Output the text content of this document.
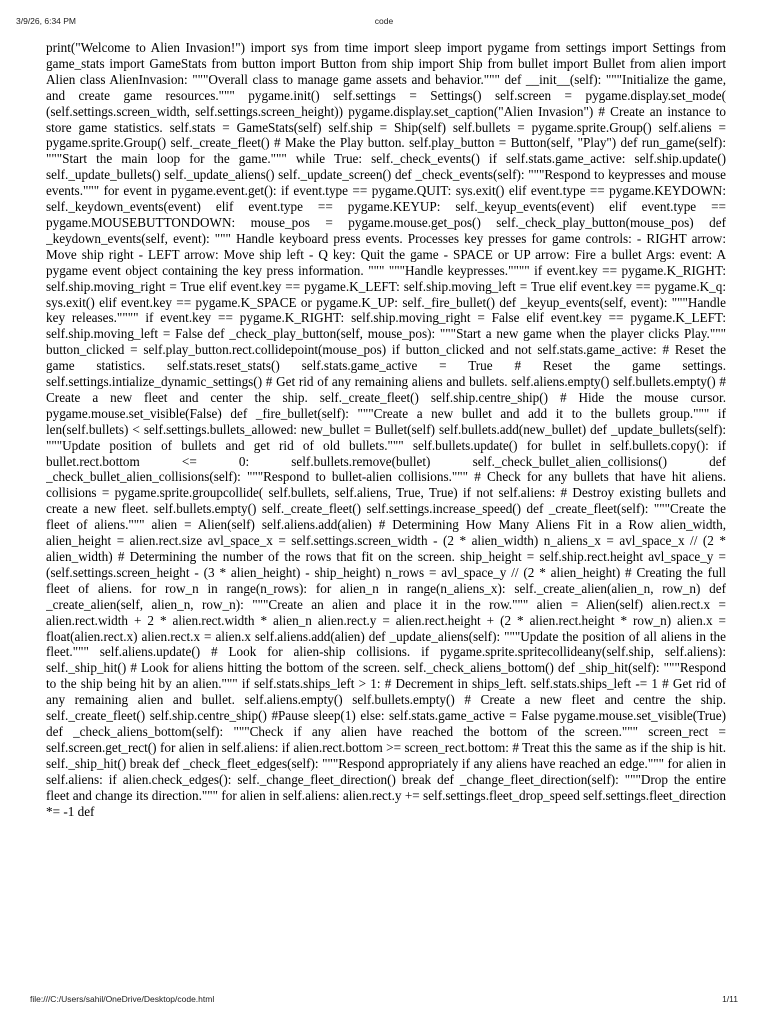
3/9/26, 6:34 PM	code
print("Welcome to Alien Invasion!") import sys from time import sleep import pygame from settings import Settings from game_stats import GameStats from button import Button from ship import Ship from bullet import Bullet from alien import Alien class AlienInvasion: """Overall class to manage game assets and behavior.""" def __init__(self): """Initialize the game, and create game resources.""" pygame.init() self.settings = Settings() self.screen = pygame.display.set_mode( (self.settings.screen_width, self.settings.screen_height)) pygame.display.set_caption("Alien Invasion") # Create an instance to store game statistics. self.stats = GameStats(self) self.ship = Ship(self) self.bullets = pygame.sprite.Group() self.aliens = pygame.sprite.Group() self._create_fleet() # Make the Play button. self.play_button = Button(self, "Play") def run_game(self): """Start the main loop for the game.""" while True: self._check_events() if self.stats.game_active: self.ship.update() self._update_bullets() self._update_aliens() self._update_screen() def _check_events(self): """Respond to keypresses and mouse events.""" for event in pygame.event.get(): if event.type == pygame.QUIT: sys.exit() elif event.type == pygame.KEYDOWN: self._keydown_events(event) elif event.type == pygame.KEYUP: self._keyup_events(event) elif event.type == pygame.MOUSEBUTTONDOWN: mouse_pos = pygame.mouse.get_pos() self._check_play_button(mouse_pos) def _keydown_events(self, event): """ Handle keyboard press events. Processes key presses for game controls: - RIGHT arrow: Move ship right - LEFT arrow: Move ship left - Q key: Quit the game - SPACE or UP arrow: Fire a bullet Args: event: A pygame event object containing the key press information. """ """Handle keypresses."""" if event.key == pygame.K_RIGHT: self.ship.moving_right = True elif event.key == pygame.K_LEFT: self.ship.moving_left = True elif event.key == pygame.K_q: sys.exit() elif event.key == pygame.K_SPACE or pygame.K_UP: self._fire_bullet() def _keyup_events(self, event): """Handle key releases."""" if event.key == pygame.K_RIGHT: self.ship.moving_right = False elif event.key == pygame.K_LEFT: self.ship.moving_left = False def _check_play_button(self, mouse_pos): """Start a new game when the player clicks Play.""" button_clicked = self.play_button.rect.collidepoint(mouse_pos) if button_clicked and not self.stats.game_active: # Reset the game statistics. self.stats.reset_stats() self.stats.game_active = True # Reset the game settings. self.settings.intialize_dynamic_settings() # Get rid of any remaining aliens and bullets. self.aliens.empty() self.bullets.empty() # Create a new fleet and center the ship. self._create_fleet() self.ship.centre_ship() # Hide the mouse cursor. pygame.mouse.set_visible(False) def _fire_bullet(self): """Create a new bullet and add it to the bullets group.""" if len(self.bullets) < self.settings.bullets_allowed: new_bullet = Bullet(self) self.bullets.add(new_bullet) def _update_bullets(self): """Update position of bullets and get rid of old bullets.""" self.bullets.update() for bullet in self.bullets.copy(): if bullet.rect.bottom <= 0: self.bullets.remove(bullet) self._check_bullet_alien_collisions() def _check_bullet_alien_collisions(self): """Respond to bullet-alien collisions.""" # Check for any bullets that have hit aliens. collisions = pygame.sprite.groupcollide( self.bullets, self.aliens, True, True) if not self.aliens: # Destroy existing bullets and create a new fleet. self.bullets.empty() self._create_fleet() self.settings.increase_speed() def _create_fleet(self): """Create the fleet of aliens.""" alien = Alien(self) self.aliens.add(alien) # Determining How Many Aliens Fit in a Row alien_width, alien_height = alien.rect.size avl_space_x = self.settings.screen_width - (2 * alien_width) n_aliens_x = avl_space_x // (2 * alien_width) # Determining the number of the rows that fit on the screen. ship_height = self.ship.rect.height avl_space_y = (self.settings.screen_height - (3 * alien_height) - ship_height) n_rows = avl_space_y // (2 * alien_height) # Creating the full fleet of aliens. for row_n in range(n_rows): for alien_n in range(n_aliens_x): self._create_alien(alien_n, row_n) def _create_alien(self, alien_n, row_n): """Create an alien and place it in the row.""" alien = Alien(self) alien.rect.x = alien.rect.width + 2 * alien.rect.width * alien_n alien.rect.y = alien.rect.height + (2 * alien.rect.height * row_n) alien.x = float(alien.rect.x) alien.rect.x = alien.x self.aliens.add(alien) def _update_aliens(self): """Update the position of all aliens in the fleet.""" self.aliens.update() # Look for alien-ship collisions. if pygame.sprite.spritecollideany(self.ship, self.aliens): self._ship_hit() # Look for aliens hitting the bottom of the screen. self._check_aliens_bottom() def _ship_hit(self): """Respond to the ship being hit by an alien.""" if self.stats.ships_left > 1: # Decrement in ships_left. self.stats.ships_left -= 1 # Get rid of any remaining alien and bullet. self.aliens.empty() self.bullets.empty() # Create a new fleet and centre the ship. self._create_fleet() self.ship.centre_ship() #Pause sleep(1) else: self.stats.game_active = False pygame.mouse.set_visible(True) def _check_aliens_bottom(self): """Check if any alien have reached the bottom of the screen.""" screen_rect = self.screen.get_rect() for alien in self.aliens: if alien.rect.bottom >= screen_rect.bottom: # Treat this the same as if the ship is hit. self._ship_hit() break def _check_fleet_edges(self): """Respond appropriately if any aliens have reached an edge.""" for alien in self.aliens: if alien.check_edges(): self._change_fleet_direction() break def _change_fleet_direction(self): """Drop the entire fleet and change its direction.""" for alien in self.aliens: alien.rect.y += self.settings.fleet_drop_speed self.settings.fleet_direction *= -1 def
file:///C:/Users/sahil/OneDrive/Desktop/code.html	1/11
